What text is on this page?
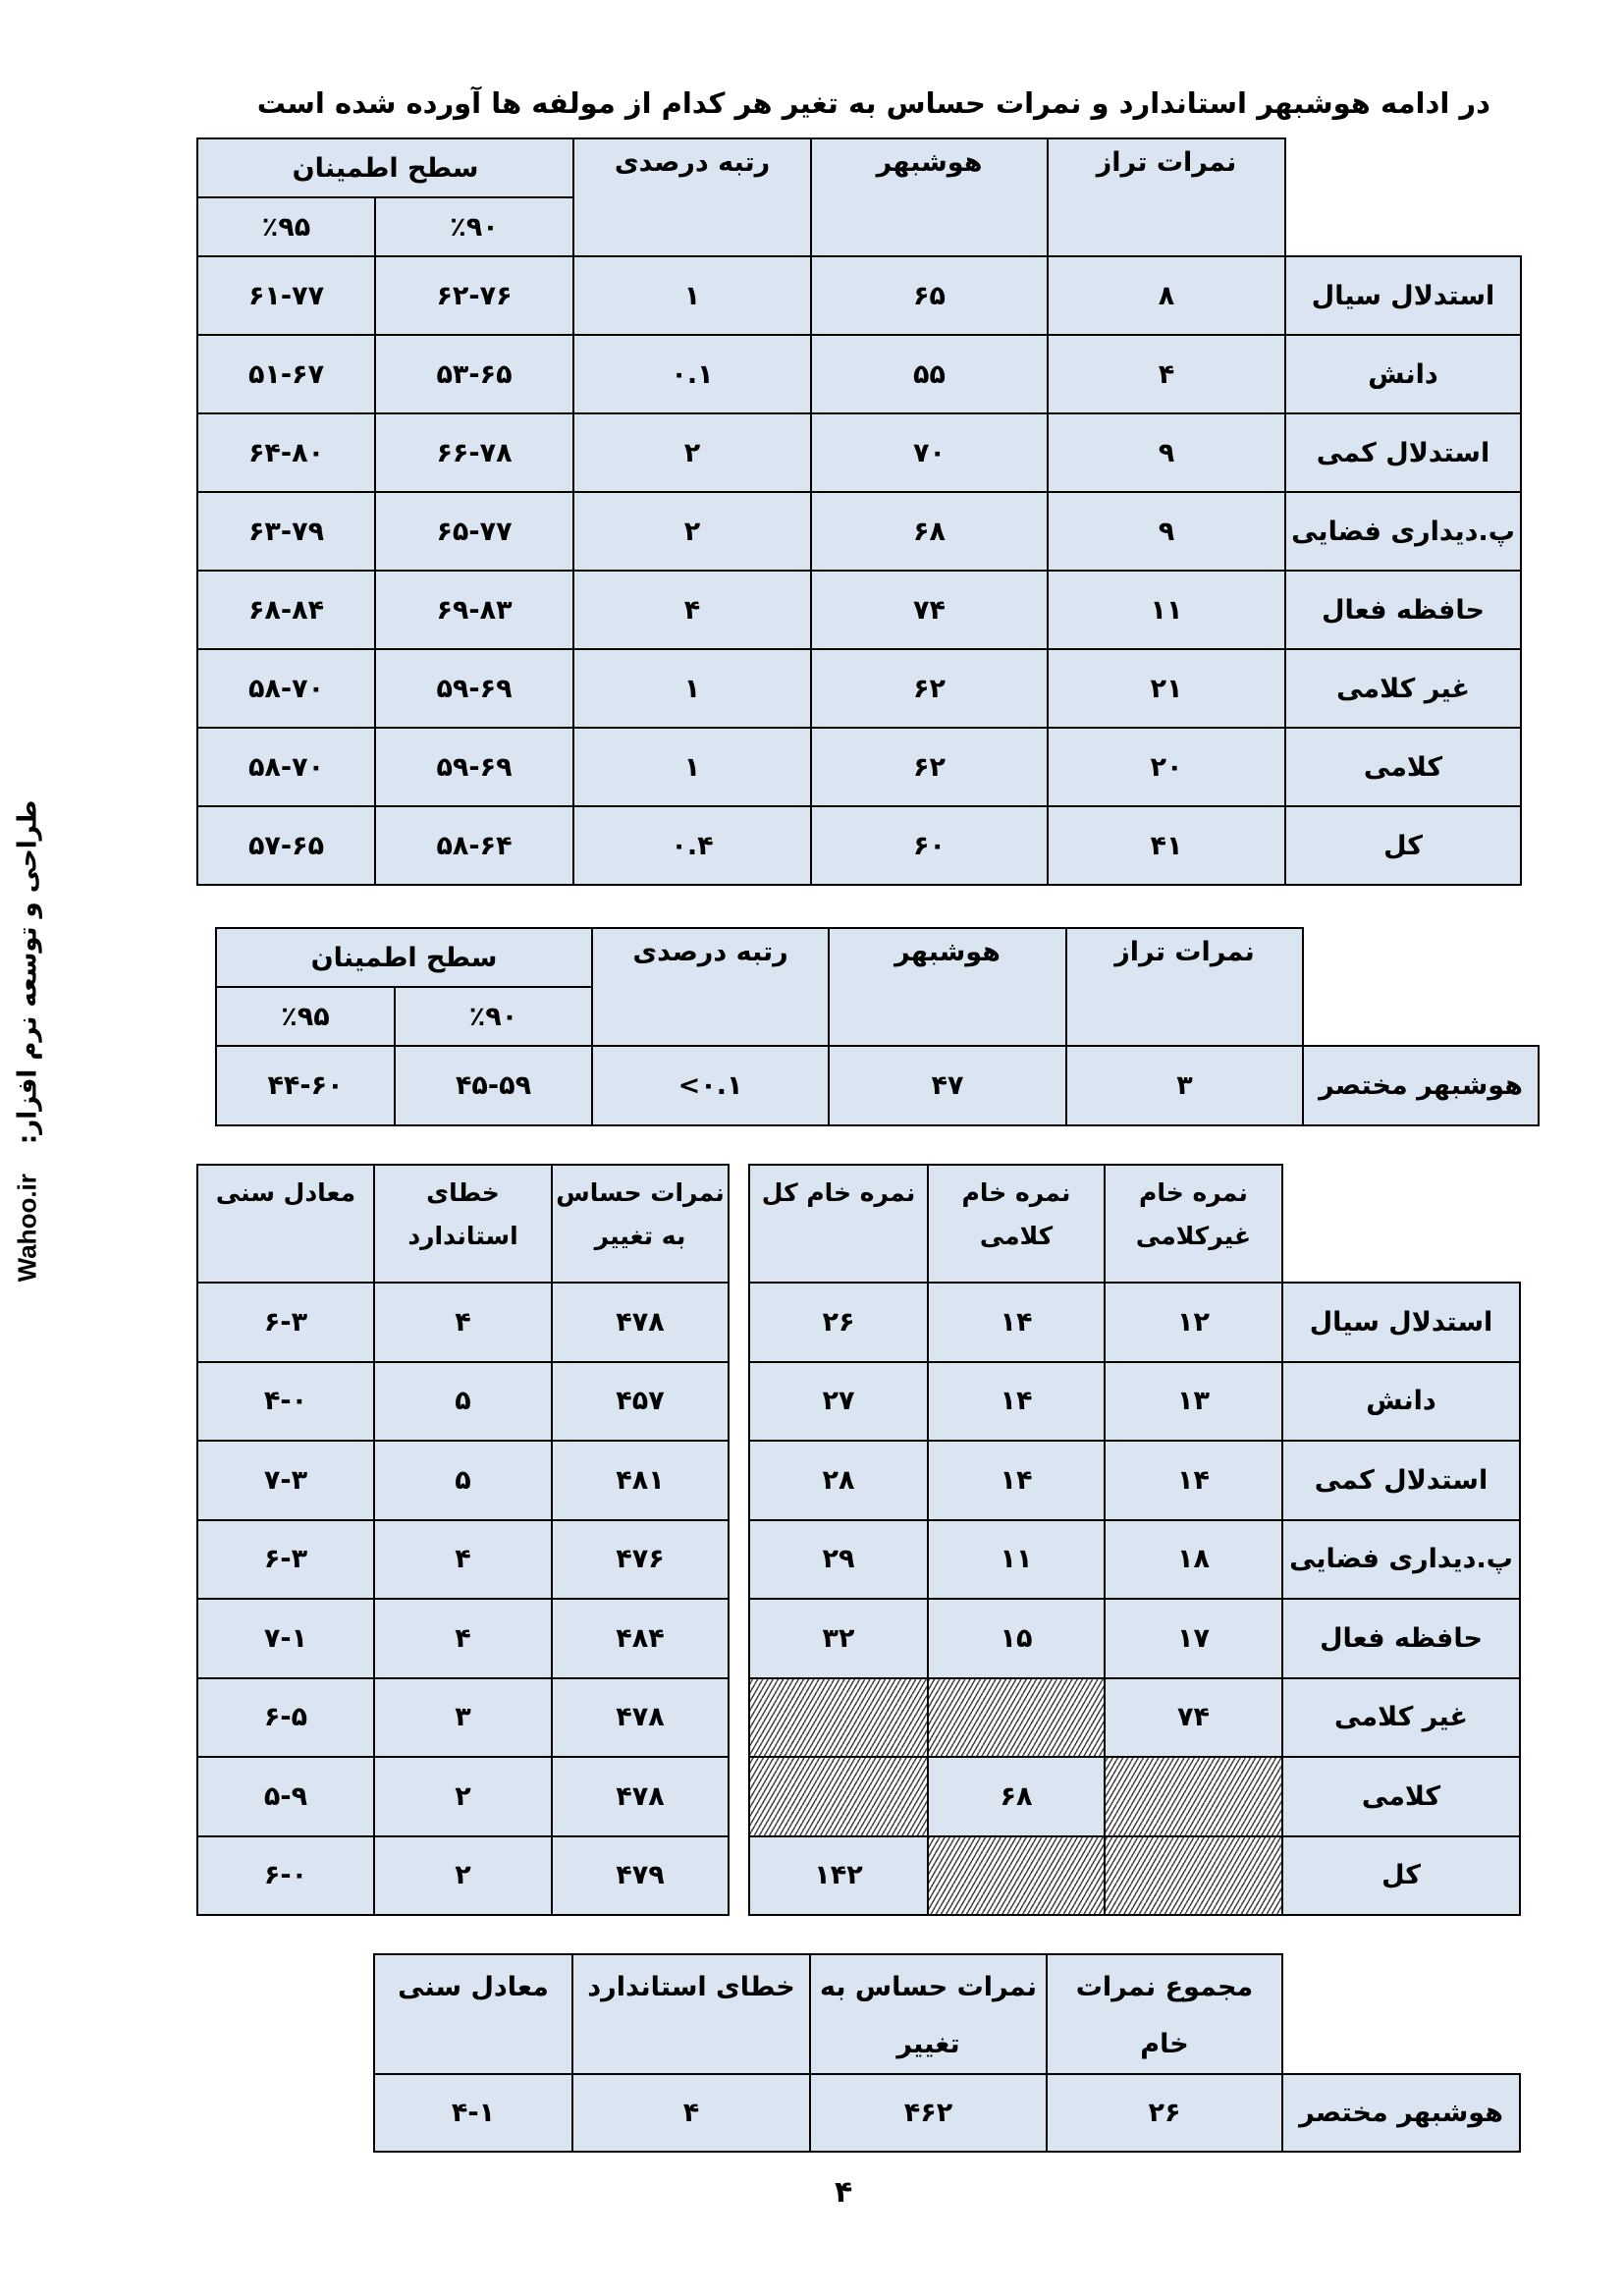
در ادامه هوشبهر استاندارد و نمرات حساس به تغیر هر کدام از مولفه ها آورده شده است
طراحی و توسعه نرم افزار:Wahoo.ir
	نمرات تراز	هوشبهر	رتبه درصدی	سطح اطمینان	
				٪۹۰	٪۹۵
استدلال سیال	۸	۶۵	۱	۶۲-۷۶	۶۱-۷۷
دانش	۴	۵۵	۰.۱	۵۳-۶۵	۵۱-۶۷
استدلال کمی	۹	۷۰	۲	۶۶-۷۸	۶۴-۸۰
پ.دیداری فضایی	۹	۶۸	۲	۶۵-۷۷	۶۳-۷۹
حافظه فعال	۱۱	۷۴	۴	۶۹-۸۳	۶۸-۸۴
غیر کلامی	۲۱	۶۲	۱	۵۹-۶۹	۵۸-۷۰
کلامی	۲۰	۶۲	۱	۵۹-۶۹	۵۸-۷۰
کل	۴۱	۶۰	۰.۴	۵۸-۶۴	۵۷-۶۵
	نمرات تراز	هوشبهر	رتبه درصدی	سطح اطمینان	
				٪۹۰	٪۹۵
هوشبهر مختصر	۳	۴۷	<۰.۱	۴۵-۵۹	۴۴-۶۰
	نمره خام غیرکلامی	نمره خام کلامی	نمره خام کل
استدلال سیال	۱۲	۱۴	۲۶
دانش	۱۳	۱۴	۲۷
استدلال کمی	۱۴	۱۴	۲۸
پ.دیداری فضایی	۱۸	۱۱	۲۹
حافظه فعال	۱۷	۱۵	۳۲
غیر کلامی	۷۴		
کلامی		۶۸	
کل			۱۴۲
نمرات حساس به تغییر	خطای استاندارد	معادل سنی
۴۷۸	۴	۶-۳
۴۵۷	۵	۴-۰
۴۸۱	۵	۷-۳
۴۷۶	۴	۶-۳
۴۸۴	۴	۷-۱
۴۷۸	۳	۶-۵
۴۷۸	۲	۵-۹
۴۷۹	۲	۶-۰
	مجموع نمرات خام	نمرات حساس به تغییر	خطای استاندارد	معادل سنی
هوشبهر مختصر	۲۶	۴۶۲	۴	۴-۱
۴
